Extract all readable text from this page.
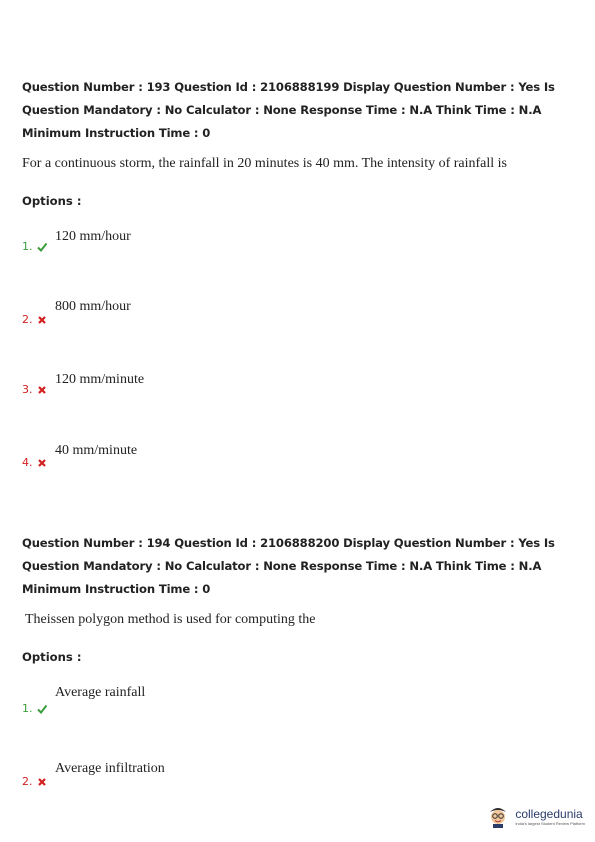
Question Number : 193 Question Id : 2106888199 Display Question Number : Yes Is Question Mandatory : No Calculator : None Response Time : N.A Think Time : N.A Minimum Instruction Time : 0
For a continuous storm, the rainfall in 20 minutes is 40 mm. The intensity of rainfall is
Options :
120 mm/hour
1.
800 mm/hour
2.
120 mm/minute
3.
40 mm/minute
4.
Question Number : 194 Question Id : 2106888200 Display Question Number : Yes Is Question Mandatory : No Calculator : None Response Time : N.A Think Time : N.A Minimum Instruction Time : 0
Theissen polygon method is used for computing the
Options :
Average rainfall
1.
Average infiltration
2.
collegedunia
India's largest Student Review Platform
